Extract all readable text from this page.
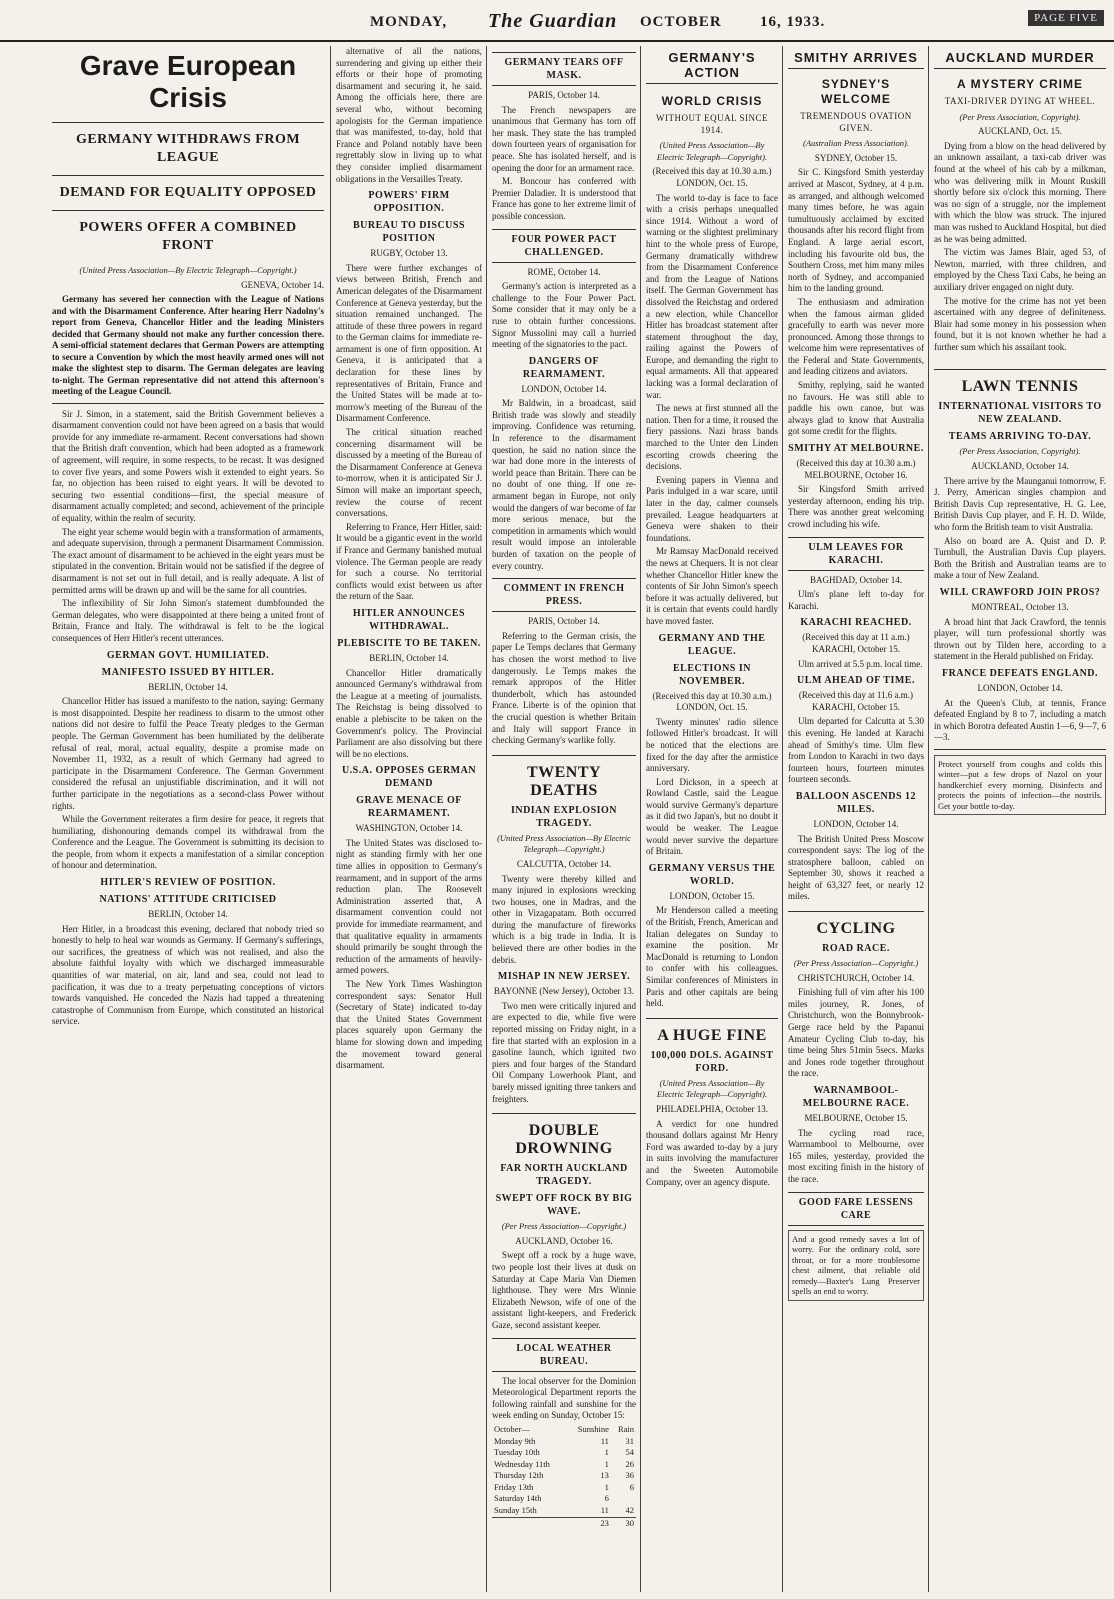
MONDAY, The Guardian OCTOBER	16, 1933.	PAGE FIVE
Grave European Crisis
GERMANY WITHDRAWS FROM LEAGUE
DEMAND FOR EQUALITY OPPOSED
POWERS OFFER A COMBINED FRONT
(United Press Association—By Electric Telegraph—Copyright.)
GENEVA, October 14.

Germany has severed her connection with the League of Nations and with the Disarmament Conference. After hearing Herr Nadolny's report from Geneva, Chancellor Hitler and the leading Ministers decided that Germany should not make any further concession there. A semi-official statement declares that German Powers are attempting to secure a Convention by which the most heavily armed ones will not make the slightest step to disarm. The German delegates are leaving to-night. The German representative did not attend this afternoon's meeting of the League Council.

Sir J. Simon, in a statement, said the British Government believes a disarmament convention could not have been agreed on a basis that would provide for any immediate re-armament. Recent conversations had shown that the British draft convention, which had been adopted as a framework of agreement, will require, in some respects, to be recast. It was designed to cover five years, and some Powers wish it extended to eight years. So far, no objection has been raised to eight years. It will be devoted to securing two essential conditions—first, the special measure of disarmament actually completed; and second, achievement of the principle of equality, within the realm of security.

The eight year scheme would begin with a transformation of armaments, and adequate supervision, through a permanent Disarmament Commission. The exact amount of disarmament to be achieved in the eight years must be stipulated in the convention. Britain would not be satisfied if the degree of disarmament is not set out in full detail, and is really adequate. A list of permitted arms will be drawn up and will be the same for all countries.

The inflexibility of Sir John Simon's statement dumbfounded the German delegates, who were disappointed at there being a united front of Britain, France and Italy. The withdrawal is felt to be the logical consequences of Herr Hitler's recent utterances.

GERMAN GOVT. HUMILIATED.
MANIFESTO ISSUED BY HITLER.
BERLIN, October 14.

Chancellor Hitler has issued a manifesto to the nation, saying: Germany is most disappointed. Despite her readiness to disarm to the utmost other nations did not desire to fulfil the Peace Treaty pledges to the German people. The German Government has been humiliated by the deliberate refusal of real, moral, actual equality, despite a promise made on November 11, 1932, as a result of which Germany had agreed to participate in the Disarmament Conference. The German Government considered the refusal an unjustifiable discrimination, and it will not further participate in the negotiations as a second-class Power without rights.

While the Government reiterates a firm desire for peace, it regrets that humiliating, dishonouring demands compel its withdrawal from the Conference and the League. The Government is submitting its decision to the people, from whom it expects a manifestation of a similar conception of honour and determination.

HITLER'S REVIEW OF POSITION.
NATIONS' ATTITUDE CRITICISED
BERLIN, October 14.

Herr Hitler, in a broadcast this evening, declared that nobody tried so honestly to help to heal war wounds as Germany. If Germany's sufferings, our sacrifices, the greatness of which was not realised, and also the absolute faithful loyalty with which we discharged immeasurable quantities of war material, on air, land and sea, could not lead to pacification, it was due to a treaty perpetuating conceptions of victors towards vanquished. He conceded the Nazis had tapped a threatening catastrophe of Communism from Europe, which constituted an historical service.

alternative of all the nations, surrendering and giving up either their efforts or their hope of promoting disarmament and securing it, he said. Among the officials here, there are several who, without becoming apologists for the German impatience that was manifested, to-day, hold that France and Poland notably have been regrettably slow in living up to what they consider implied disarmament obligations in the Versailles Treaty.

POWERS' FIRM OPPOSITION.
BUREAU TO DISCUSS POSITION
RUGBY, October 13.

There were further exchanges of views between British, French and American delegates of the Disarmament Conference at Geneva yesterday, but the situation remained unchanged. The attitude of these three powers in regard to the German claims for immediate re-armament is one of firm opposition. At Geneva, it is anticipated that a declaration for these lines by representatives of Britain, France and the United States will be made at to-morrow's meeting of the Bureau of the Disarmament Conference.

The critical situation reached concerning disarmament will be discussed by a meeting of the Bureau of the Disarmament Conference at Geneva to-morrow, when it is anticipated Sir J. Simon will make an important speech, review the course of recent conversations.

Referring to France, Herr Hitler, said: It would be a gigantic event in the world if France and Germany banished mutual violence. The German people are ready for such a course. No territorial conflicts would exist between us after the return of the Saar.

HITLER ANNOUNCES WITHDRAWAL.
PLEBISCITE TO BE TAKEN.
BERLIN, October 14.

Chancellor Hitler dramatically announced Germany's withdrawal from the League at a meeting of journalists. The Reichstag is being dissolved to enable a plebiscite to be taken on the Government's policy. The Provincial Parliament are also dissolving but there will be no elections.

U.S.A. OPPOSES GERMAN DEMAND
GRAVE MENACE OF REARMAMENT.
WASHINGTON, October 14.

The United States was disclosed to-night as standing firmly with her one time allies in opposition to Germany's rearmament, and in support of the arms reduction plan. The Roosevelt Administration asserted that, A disarmament convention could not provide for immediate rearmament, and that qualitative equality in armaments should primarily be sought through the reduction of the armaments of heavily-armed powers.

The New York Times Washington correspondent says: Senator Hull (Secretary of State) indicated to-day that the United States Government places squarely upon Germany the blame for slowing down and impeding the movement toward general disarmament.

GERMANY TEARS OFF MASK.
PARIS, October 14.

The French newspapers are unanimous that Germany has torn off her mask. They state the has trampled down fourteen years of organisation for peace. She has isolated herself, and is opening the door for an armament race.

M. Boncour has conferred with Premier Daladier. It is understood that France has gone to her extreme limit of possible concession.

FOUR POWER PACT CHALLENGED.
ROME, October 14.

Germany's action is interpreted as a challenge to the Four Power Pact. Some consider that it may only be a ruse to obtain further concessions. Signor Mussolini may call a hurried meeting of the signatories to the pact.

DANGERS OF REARMAMENT.
LONDON, October 14.

Mr Baldwin, in a broadcast, said British trade was slowly and steadily improving. Confidence was returning. In reference to the disarmament question, he said no nation since the war had done more in the interests of world peace than Britain. There can be no doubt of one thing. If one re-armament began in Europe, not only would the dangers of war become of far more serious menace, but the competition in armaments which would result would impose an intolerable burden of taxation on the people of every country.

COMMENT IN FRENCH PRESS.
PARIS, October 14.

Referring to the German crisis, the paper Le Temps declares that Germany has chosen the worst method to live dangerously. Le Temps makes the remark appropos of the Hitler thunderbolt, which has astounded France. Liberte is of the opinion that the crucial question is whether Britain and Italy will support France in checking Germany's warlike folly.

TWENTY DEATHS
INDIAN EXPLOSION TRAGEDY.
(United Press Association—By Electric Telegraph—Copyright.)
CALCUTTA, October 14.

Twenty were thereby killed and many injured in explosions wrecking two houses, one in Madras, and the other in Vizagapatam. Both occurred during the manufacture of fireworks which is a big trade in India. It is believed there are other bodies in the debris.

MISHAP IN NEW JERSEY.
BAYONNE (New Jersey), October 13.

Two men were critically injured and are expected to die, while five were reported missing on Friday night, in a fire that started with an explosion in a gasoline launch, which ignited two piers and four barges of the Standard Oil Company Lowerhook Plant, and barely missed igniting three tankers and freighters.

DOUBLE DROWNING
FAR NORTH AUCKLAND TRAGEDY.
SWEPT OFF ROCK BY BIG WAVE.
(Per Press Association—Copyright.)
AUCKLAND, October 16.

Swept off a rock by a huge wave, two people lost their lives at dusk on Saturday at Cape Maria Van Diemen lighthouse. They were Mrs Winnie Elizabeth Newson, wife of one of the assistant light-keepers, and Frederick Gaze, second assistant keeper.

LOCAL WEATHER BUREAU.

The local observer for the Dominion Meteorological Department reports the following rainfall and sunshine for the week ending on Sunday, October 15:

October—	Sunshine	Rain
Monday 9th	11	31
Tuesday 10th	1	54
Wednesday 11th	1	26
Thursday 12th	13	36
Friday 13th	1	6
Saturday 14th	6	
Sunday 15th	11	42
	23	30
GERMANY'S ACTION
WORLD CRISIS
WITHOUT EQUAL SINCE 1914.
(United Press Association—By Electric Telegraph—Copyright).
(Received this day at 10.30 a.m.) LONDON, Oct. 15.

The world to-day is face to face with a crisis perhaps unequalled since 1914. Without a word of warning or the slightest preliminary hint to the whole press of Europe, Germany dramatically withdrew from the Disarmament Conference and from the League of Nations itself. The German Government has dissolved the Reichstag and ordered a new election, while Chancellor Hitler has broadcast statement after statement throughout the day, railing against the Powers of Europe, and demanding the right to equal armaments. All that appeared lacking was a formal declaration of war.

The news at first stunned all the nation. Then for a time, it roused the fiery passions. Nazi brass bands marched to the Unter den Linden escorting crowds cheering the decisions.

Evening papers in Vienna and Paris indulged in a war scare, until later in the day, calmer counsels prevailed. League headquarters at Geneva were shaken to their foundations.

Mr Ramsay MacDonald received the news at Chequers. It is not clear whether Chancellor Hitler knew the contents of Sir John Simon's speech before it was actually delivered, but it is certain that events could hardly have moved faster.

GERMANY AND THE LEAGUE.
ELECTIONS IN NOVEMBER.
(Received this day at 10.30 a.m.) LONDON, Oct. 15.

Twenty minutes' radio silence followed Hitler's broadcast. It will be noticed that the elections are fixed for the day after the armistice anniversary.

Lord Dickson, in a speech at Rowland Castle, said the League would survive Germany's departure as it did two Japan's, but no doubt it would be weaker. The League would never survive the departure of Britain.

GERMANY VERSUS THE WORLD.
LONDON, October 15.

Mr Henderson called a meeting of the British, French, American and Italian delegates on Sunday to examine the position. Mr MacDonald is returning to London to confer with his colleagues. Similar conferences of Ministers in Paris and other capitals are being held.

A HUGE FINE
100,000 DOLS. AGAINST FORD.
(United Press Association—By Electric Telegraph—Copyright).
PHILADELPHIA, October 13.

A verdict for one hundred thousand dollars against Mr Henry Ford was awarded to-day by a jury in suits involving the manufacturer and the Sweeten Automobile Company, over an agency dispute.

SMITHY ARRIVES
SYDNEY'S WELCOME
TREMENDOUS OVATION GIVEN.
(Australian Press Association).
SYDNEY, October 15.

Sir C. Kingsford Smith yesterday arrived at Mascot, Sydney, at 4 p.m. as arranged, and although welcomed many times before, he was again tumultuously acclaimed by excited thousands after his record flight from England. A large aerial escort, including his favourite old bus, the Southern Cross, met him many miles north of Sydney, and accompanied him to the landing ground.

The enthusiasm and admiration when the famous airman glided gracefully to earth was never more pronounced. Among those throngs to welcome him were representatives of the Federal and State Governments, and leading citizens and aviators.

Smithy, replying, said he wanted no favours. He was still able to paddle his own canoe, but was always glad to know that Australia got some credit for the flights.

SMITHY AT MELBOURNE.
(Received this day at 10.30 a.m.) MELBOURNE, October 16.

Sir Kingsford Smith arrived yesterday afternoon, ending his trip. There was another great welcoming crowd including his wife.

ULM LEAVES FOR KARACHI.
BAGHDAD, October 14.

Ulm's plane left to-day for Karachi.

KARACHI REACHED.
(Received this day at 11 a.m.) KARACHI, October 15.

Ulm arrived at 5.5 p.m. local time.

ULM AHEAD OF TIME.
(Received this day at 11.6 a.m.) KARACHI, October 15.

Ulm departed for Calcutta at 5.30 this evening. He landed at Karachi ahead of Smithy's time. Ulm flew from London to Karachi in two days fourteen hours, fourteen minutes fourteen seconds.

BALLOON ASCENDS 12 MILES.
LONDON, October 14.

The British United Press Moscow correspondent says: The log of the stratosphere balloon, cabled on September 30, shows it reached a height of 63,327 feet, or nearly 12 miles.

CYCLING
ROAD RACE.
(Per Press Association—Copyright.)
CHRISTCHURCH, October 14.

Finishing full of vim after his 100 miles journey, R. Jones, of Christchurch, won the Bonnybrook-Gerge race held by the Papanui Amateur Cycling Club to-day, his time being 5hrs 51min 5secs. Marks and Jones rode together throughout the race.

WARNAMBOOL-MELBOURNE RACE.
MELBOURNE, October 15.

The cycling road race, Warrnambool to Melbourne, over 165 miles, yesterday, provided the most exciting finish in the history of the race.

GOOD FARE LESSENS CARE
And a good remedy saves a lot of worry. For the ordinary cold, sore throat, or for a more troublesome chest ailment, that reliable old remedy—Baxter's Lung Preserver spells an end to worry.
AUCKLAND MURDER
A MYSTERY CRIME
TAXI-DRIVER DYING AT WHEEL.
(Per Press Association, Copyright).
AUCKLAND, Oct. 15.

Dying from a blow on the head delivered by an unknown assailant, a taxi-cab driver was found at the wheel of his cab by a milkman, who was delivering milk in Mount Ruskill shortly before six o'clock this morning. There was no sign of a struggle, nor the implement with which the blow was struck. The injured man was rushed to Auckland Hospital, but died as he was being admitted.

The victim was James Blair, aged 53, of Newton, married, with three children, and employed by the Chess Taxi Cabs, he being an auxiliary driver engaged on night duty.

The motive for the crime has not yet been ascertained with any degree of definiteness. Blair had some money in his possession when found, but it is not known whether he had a further sum which his assailant took.

LAWN TENNIS
INTERNATIONAL VISITORS TO NEW ZEALAND.
TEAMS ARRIVING TO-DAY.
(Per Press Association, Copyright).
AUCKLAND, October 14.

There arrive by the Maunganui tomorrow, F. J. Perry, American singles champion and British Davis Cup representative, H. G. Lee, British Davis Cup player, and F. H. D. Wilde, who form the British team to visit Australia.

Also on board are A. Quist and D. P. Turnbull, the Australian Davis Cup players. Both the British and Australian teams are to make a tour of New Zealand.

WILL CRAWFORD JOIN PROS?
MONTREAL, October 13.

A broad hint that Jack Crawford, the tennis player, will turn professional shortly was thrown out by Tilden here, according to a statement in the Herald published on Friday.

FRANCE DEFEATS ENGLAND.
LONDON, October 14.

At the Queen's Club, at tennis, France defeated England by 8 to 7, including a match in which Borotra defeated Austin 1—6, 9—7, 6—3.

Protect yourself from coughs and colds this winter—put a few drops of Nazol on your handkerchief every morning. Disinfects and protects the points of infection—the nostrils. Get your bottle to-day.
